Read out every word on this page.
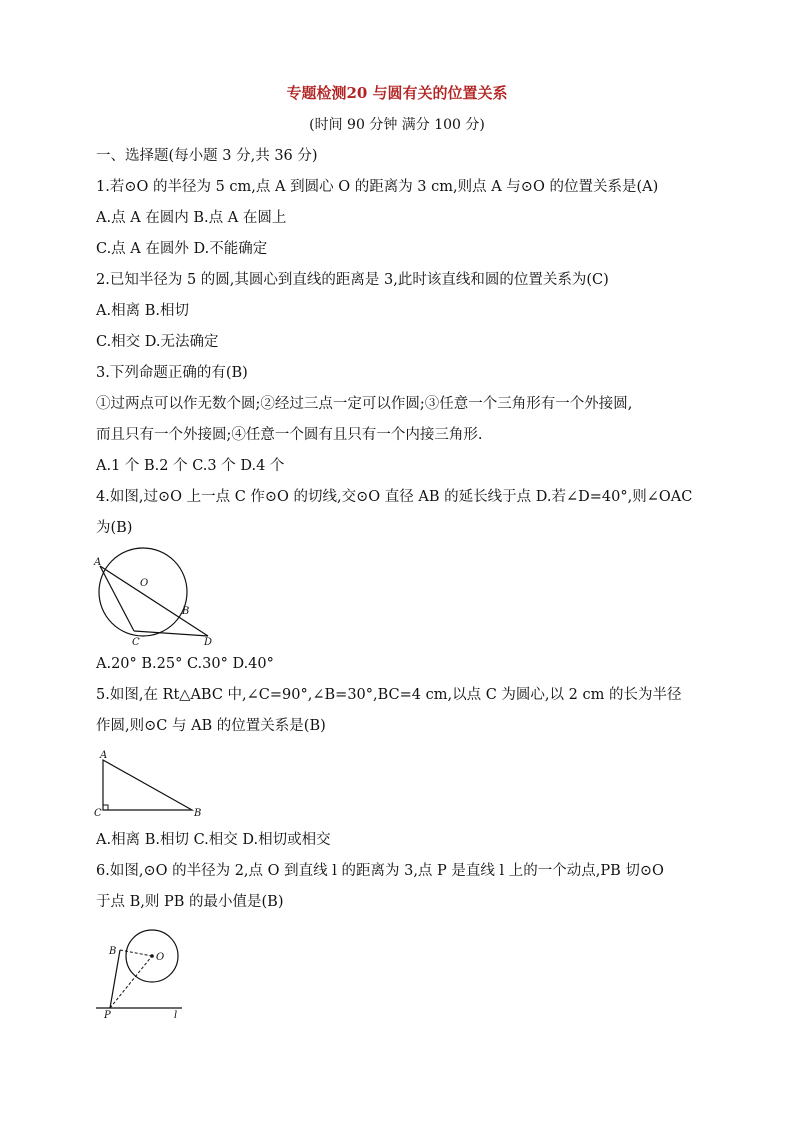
专题检测20 与圆有关的位置关系
(时间 90 分钟 满分 100 分)
一、选择题(每小题 3 分,共 36 分)
1.若⊙O 的半径为 5 cm,点 A 到圆心 O 的距离为 3 cm,则点 A 与⊙O 的位置关系是(A)
A.点 A 在圆内 B.点 A 在圆上
C.点 A 在圆外 D.不能确定
2.已知半径为 5 的圆,其圆心到直线的距离是 3,此时该直线和圆的位置关系为(C)
A.相离 B.相切
C.相交 D.无法确定
3.下列命题正确的有(B)
①过两点可以作无数个圆;②经过三点一定可以作圆;③任意一个三角形有一个外接圆,
而且只有一个外接圆;④任意一个圆有且只有一个内接三角形.
A.1 个 B.2 个 C.3 个 D.4 个
4.如图,过⊙O 上一点 C 作⊙O 的切线,交⊙O 直径 AB 的延长线于点 D.若∠D=40°,则∠OAC
为(B)
A
O
B
C	D
A.20° B.25° C.30° D.40°
5.如图,在 Rt△ABC 中,∠C=90°,∠B=30°,BC=4 cm,以点 C 为圆心,以 2 cm 的长为半径
作圆,则⊙C 与 AB 的位置关系是(B)
A
C	B
A.相离 B.相切 C.相交 D.相切或相交
6.如图,⊙O 的半径为 2,点 O 到直线 l 的距离为 3,点 P 是直线 l 上的一个动点,PB 切⊙O
于点 B,则 PB 的最小值是(B)
B
O
P	l
